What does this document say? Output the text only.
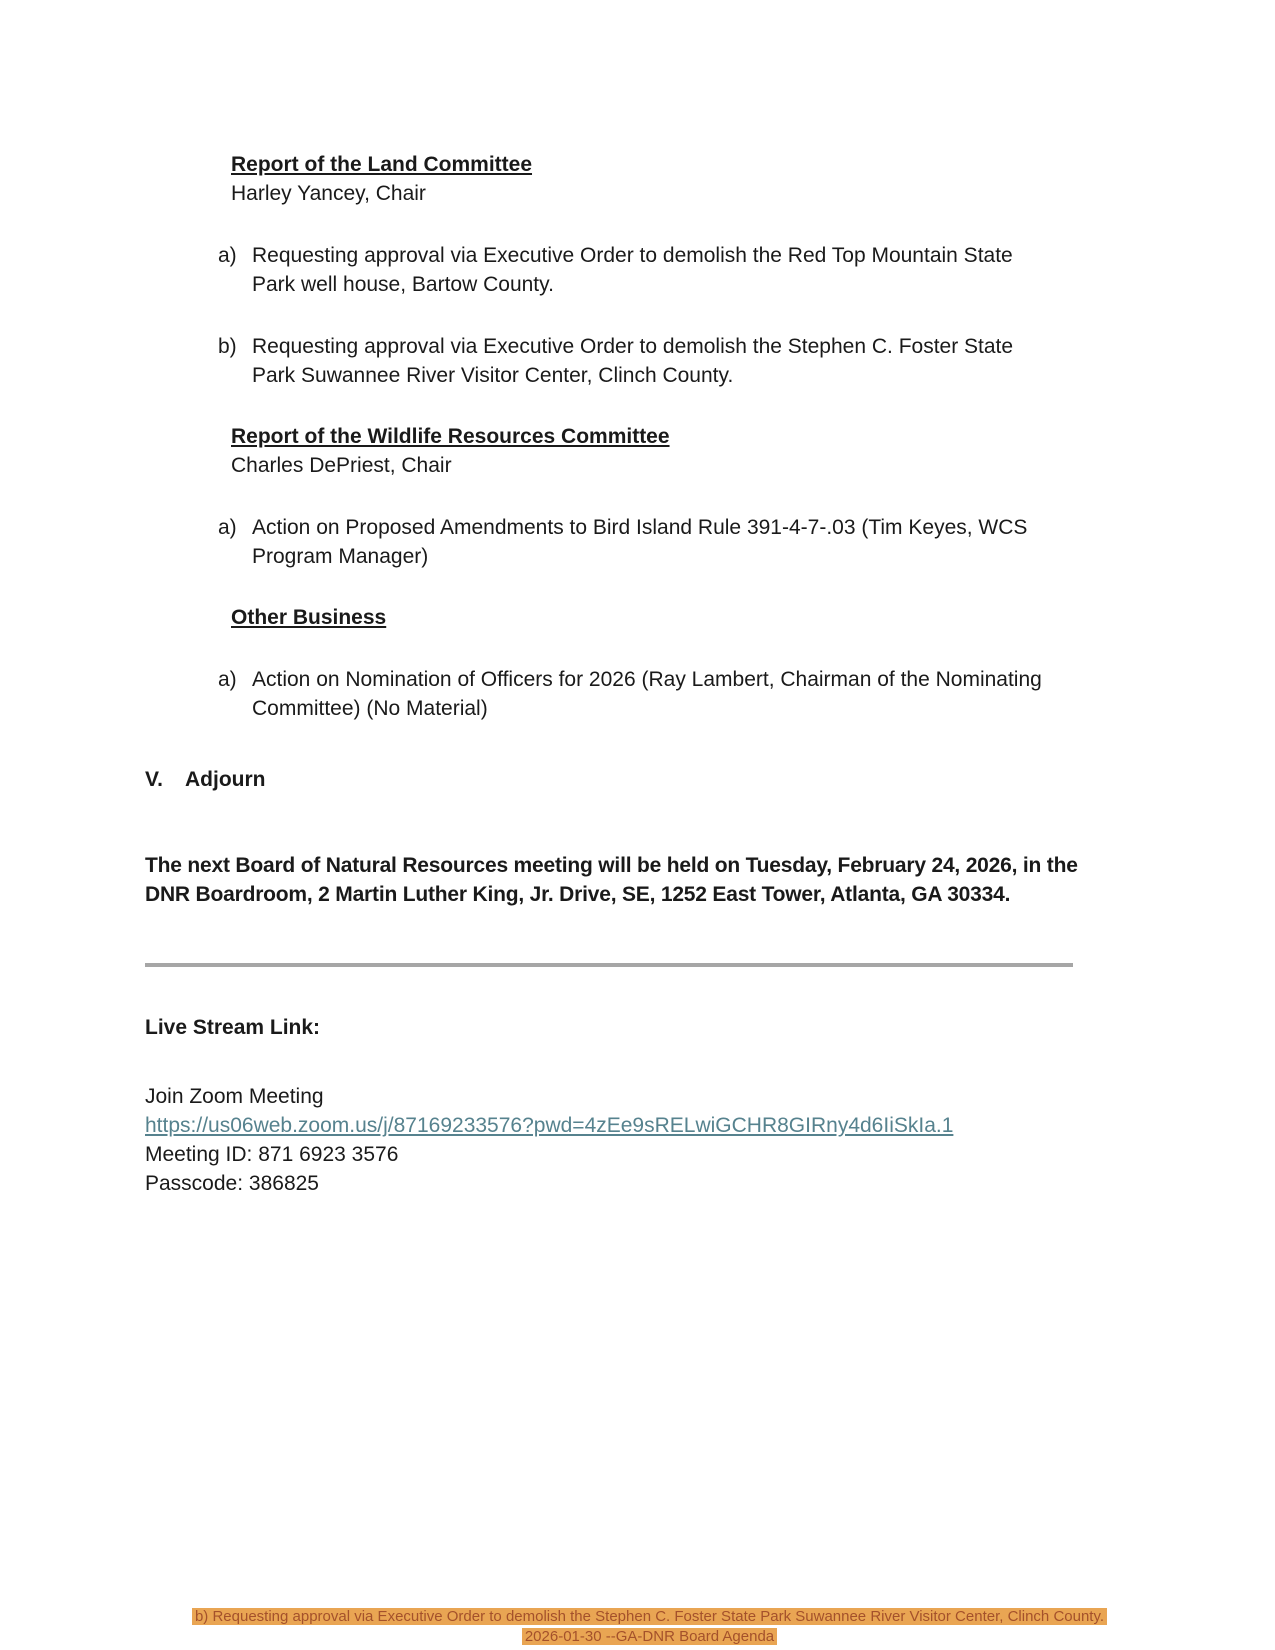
Report of the Land Committee

Harley Yancey, Chair

a) Requesting approval via Executive Order to demolish the Red Top Mountain State Park well house, Bartow County.
b) Requesting approval via Executive Order to demolish the Stephen C. Foster State Park Suwannee River Visitor Center, Clinch County.
Report of the Wildlife Resources Committee

Charles DePriest, Chair

a) Action on Proposed Amendments to Bird Island Rule 391-4-7-.03 (Tim Keyes, WCS Program Manager)
Other Business
a) Action on Nomination of Officers for 2026 (Ray Lambert, Chairman of the Nominating Committee) (No Material)
V. Adjourn

The next Board of Natural Resources meeting will be held on Tuesday, February 24, 2026, in the DNR Boardroom, 2 Martin Luther King, Jr. Drive, SE, 1252 East Tower, Atlanta, GA 30334.

Live Stream Link:

Join Zoom Meeting

https://us06web.zoom.us/j/87169233576?pwd=4zEe9sRELwiGCHR8GIRny4d6IiSkIa.1

Meeting ID: 871 6923 3576

Passcode: 386825

b) Requesting approval via Executive Order to demolish the Stephen C. Foster State Park Suwannee River Visitor Center, Clinch County.
2026-01-30 --GA-DNR Board Agenda
